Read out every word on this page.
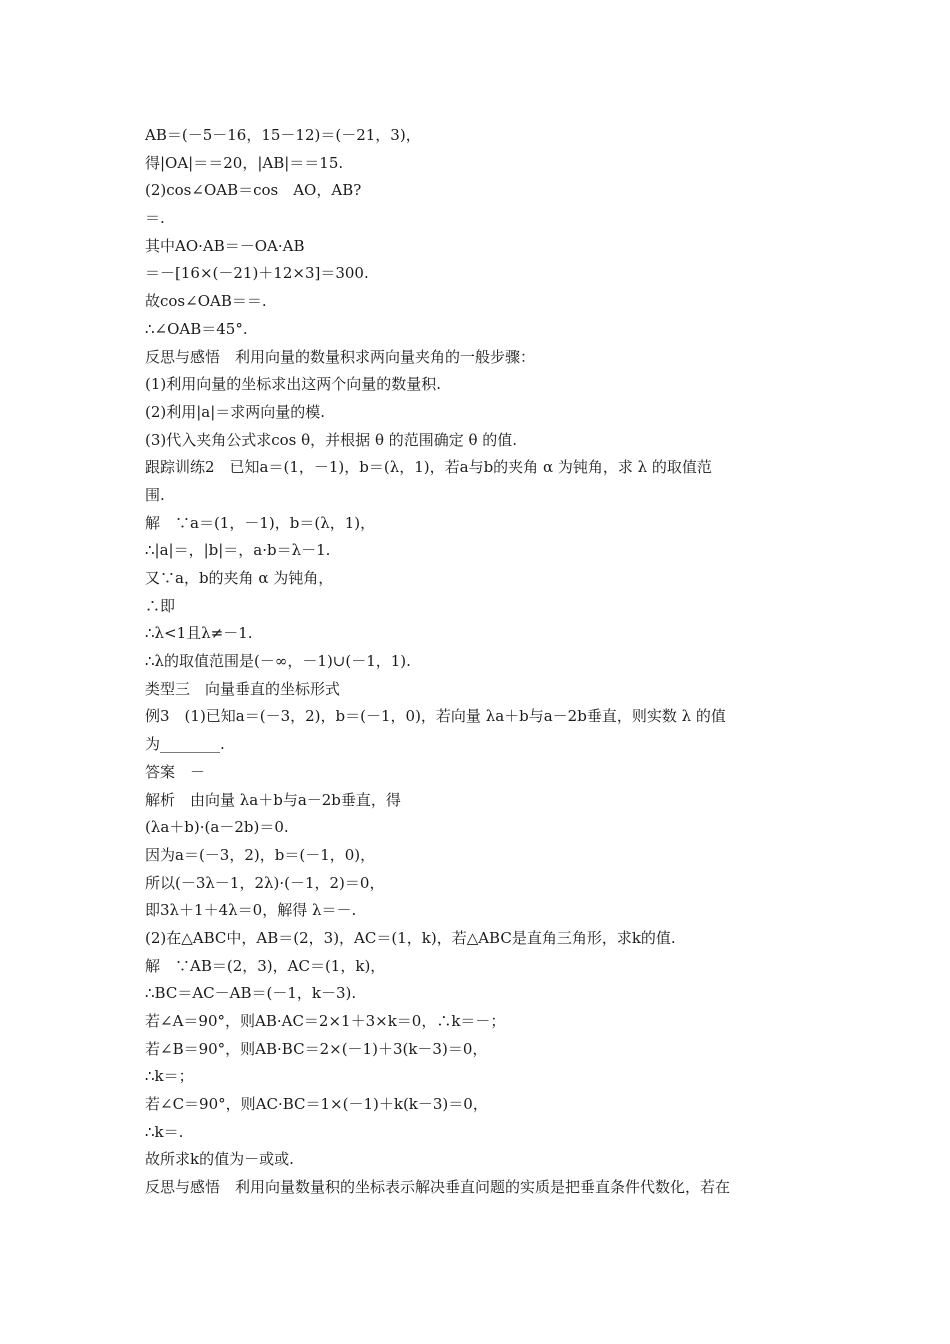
AB＝(－5－16，15－12)＝(－21，3)，
得|OA|＝＝20，|AB|＝＝15.
(2)cos∠OAB＝cos　AO，AB?
＝.
其中AO·AB＝－OA·AB
＝－[16×(－21)＋12×3]＝300.
故cos∠OAB＝＝.
∴∠OAB＝45°.
反思与感悟　利用向量的数量积求两向量夹角的一般步骤：
(1)利用向量的坐标求出这两个向量的数量积.
(2)利用|a|＝求两向量的模.
(3)代入夹角公式求cos θ，并根据 θ 的范围确定 θ 的值.
跟踪训练2　已知a＝(1，－1)，b＝(λ，1)，若a与b的夹角 α 为钝角，求 λ 的取值范
围.
解　∵a＝(1，－1)，b＝(λ，1)，
∴|a|＝，|b|＝，a·b＝λ－1.
又∵a，b的夹角 α 为钝角，
∴即
∴λ<1且λ≠－1.
∴λ的取值范围是(－∞，－1)∪(－1，1).
类型三　向量垂直的坐标形式
例3　(1)已知a＝(－3，2)，b＝(－1，0)，若向量 λa＋b与a－2b垂直，则实数 λ 的值
为________.
答案　－
解析　由向量 λa＋b与a－2b垂直，得
(λa＋b)·(a－2b)＝0.
因为a＝(－3，2)，b＝(－1，0)，
所以(－3λ－1，2λ)·(－1，2)＝0，
即3λ＋1＋4λ＝0，解得 λ＝－.
(2)在△ABC中，AB＝(2，3)，AC＝(1，k)，若△ABC是直角三角形，求k的值.
解　∵AB＝(2，3)，AC＝(1，k)，
∴BC＝AC－AB＝(－1，k－3).
若∠A＝90°，则AB·AC＝2×1＋3×k＝0，∴k＝－；
若∠B＝90°，则AB·BC＝2×(－1)＋3(k－3)＝0，
∴k＝；
若∠C＝90°，则AC·BC＝1×(－1)＋k(k－3)＝0，
∴k＝.
故所求k的值为－或或.
反思与感悟　利用向量数量积的坐标表示解决垂直问题的实质是把垂直条件代数化，若在
